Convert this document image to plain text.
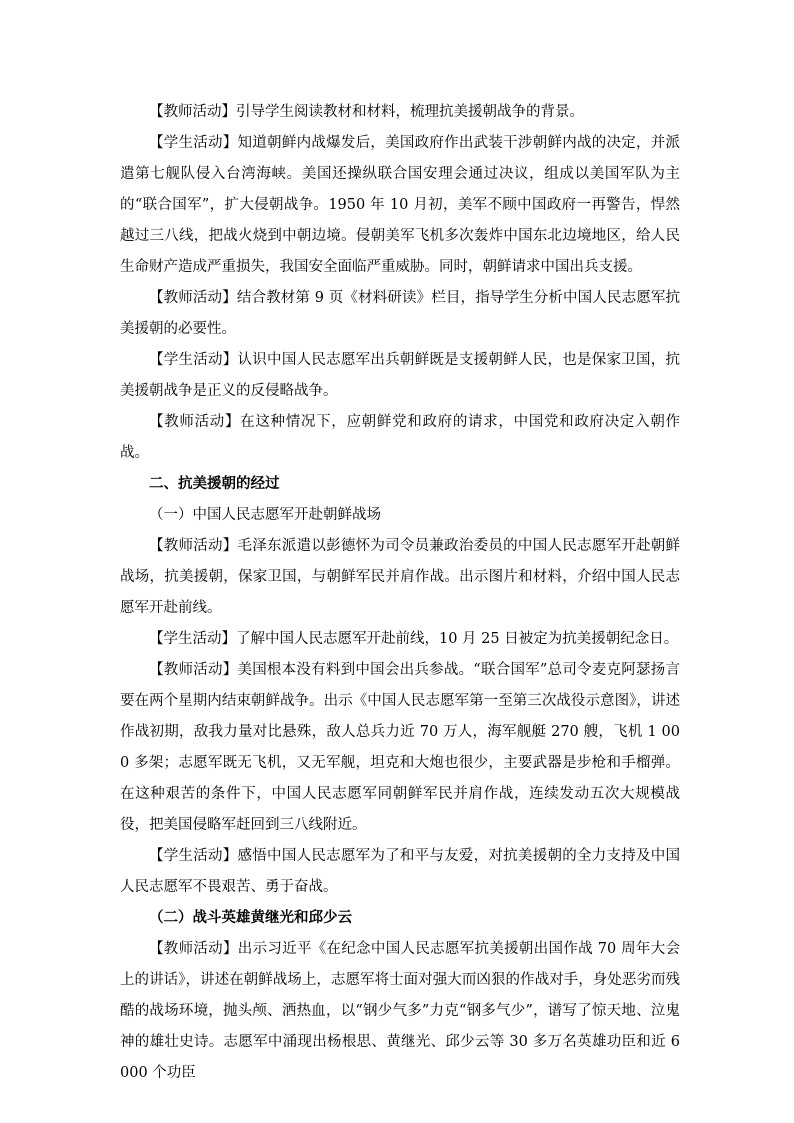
【教师活动】引导学生阅读教材和材料，梳理抗美援朝战争的背景。

【学生活动】知道朝鲜内战爆发后，美国政府作出武装干涉朝鲜内战的决定，并派遣第七舰队侵入台湾海峡。美国还操纵联合国安理会通过决议，组成以美国军队为主的“联合国军”，扩大侵朝战争。1950 年 10 月初，美军不顾中国政府一再警告，悍然越过三八线，把战火烧到中朝边境。侵朝美军飞机多次轰炸中国东北边境地区，给人民生命财产造成严重损失，我国安全面临严重威胁。同时，朝鲜请求中国出兵支援。

【教师活动】结合教材第 9 页《材料研读》栏目，指导学生分析中国人民志愿军抗美援朝的必要性。

【学生活动】认识中国人民志愿军出兵朝鲜既是支援朝鲜人民，也是保家卫国，抗美援朝战争是正义的反侵略战争。

【教师活动】在这种情况下，应朝鲜党和政府的请求，中国党和政府决定入朝作战。

二、抗美援朝的经过

（一）中国人民志愿军开赴朝鲜战场

【教师活动】毛泽东派遣以彭德怀为司令员兼政治委员的中国人民志愿军开赴朝鲜战场，抗美援朝，保家卫国，与朝鲜军民并肩作战。出示图片和材料，介绍中国人民志愿军开赴前线。

【学生活动】了解中国人民志愿军开赴前线，10 月 25 日被定为抗美援朝纪念日。

【教师活动】美国根本没有料到中国会出兵参战。“联合国军”总司令麦克阿瑟扬言要在两个星期内结束朝鲜战争。出示《中国人民志愿军第一至第三次战役示意图》，讲述作战初期，敌我力量对比悬殊，敌人总兵力近 70 万人，海军舰艇 270 艘，飞机 1 000 多架；志愿军既无飞机，又无军舰，坦克和大炮也很少，主要武器是步枪和手榴弹。在这种艰苦的条件下，中国人民志愿军同朝鲜军民并肩作战，连续发动五次大规模战役，把美国侵略军赶回到三八线附近。

【学生活动】感悟中国人民志愿军为了和平与友爱，对抗美援朝的全力支持及中国人民志愿军不畏艰苦、勇于奋战。

（二）战斗英雄黄继光和邱少云

【教师活动】出示习近平《在纪念中国人民志愿军抗美援朝出国作战 70 周年大会上的讲话》，讲述在朝鲜战场上，志愿军将士面对强大而凶狠的作战对手，身处恶劣而残酷的战场环境，抛头颅、洒热血，以“钢少气多”力克“钢多气少”，谱写了惊天地、泣鬼神的雄壮史诗。志愿军中涌现出杨根思、黄继光、邱少云等 30 多万名英雄功臣和近 6 000 个功臣
